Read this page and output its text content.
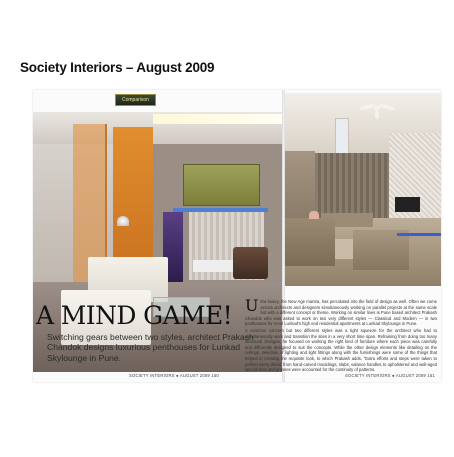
Society Interiors – August 2009
Comparison
A MIND GAME!
Switching gears between two styles, architect Prakash Chandok designs luxurious penthouses for Lunkad Skylounge in Pune.

Ultra-luxury, the New Age mantra, has percolated into the field of design as well. Often we come across architects and designers simultaneously working on parallel projects at the same scale but with a different concept or theme. Working on similar lines is Pune based architect Prakash Chandok who was asked to work on two very different styles — Classical and Modern — in two penthouses for Amol Lunkad's high end residential apartments at Lunkad Skylounge in Pune.

A common concern but two different styles was a tight squeeze for the architect who had to simultaneously work and transition the sites in a very short time span. Refraining from doing too many structural changes, he focused on working the right kind of furniture where each piece was carefully and differently designed to suit the concepts. While the other design elements like detailing on the ceilings, selection of lighting and light fittings along with the furnishings were some of the things that helped in creating the requisite look, to which Prakash adds, "Extra efforts and steps were taken to perfect every detail, from hand-carved mouldings, slabs, valance handles to upholstered and well-aged special tiles and grasses were accounted for the continuity of patterns.

SOCIETY INTERIORS ● AUGUST 2009 150	SOCIETY INTERIORS ● AUGUST 2009 151
